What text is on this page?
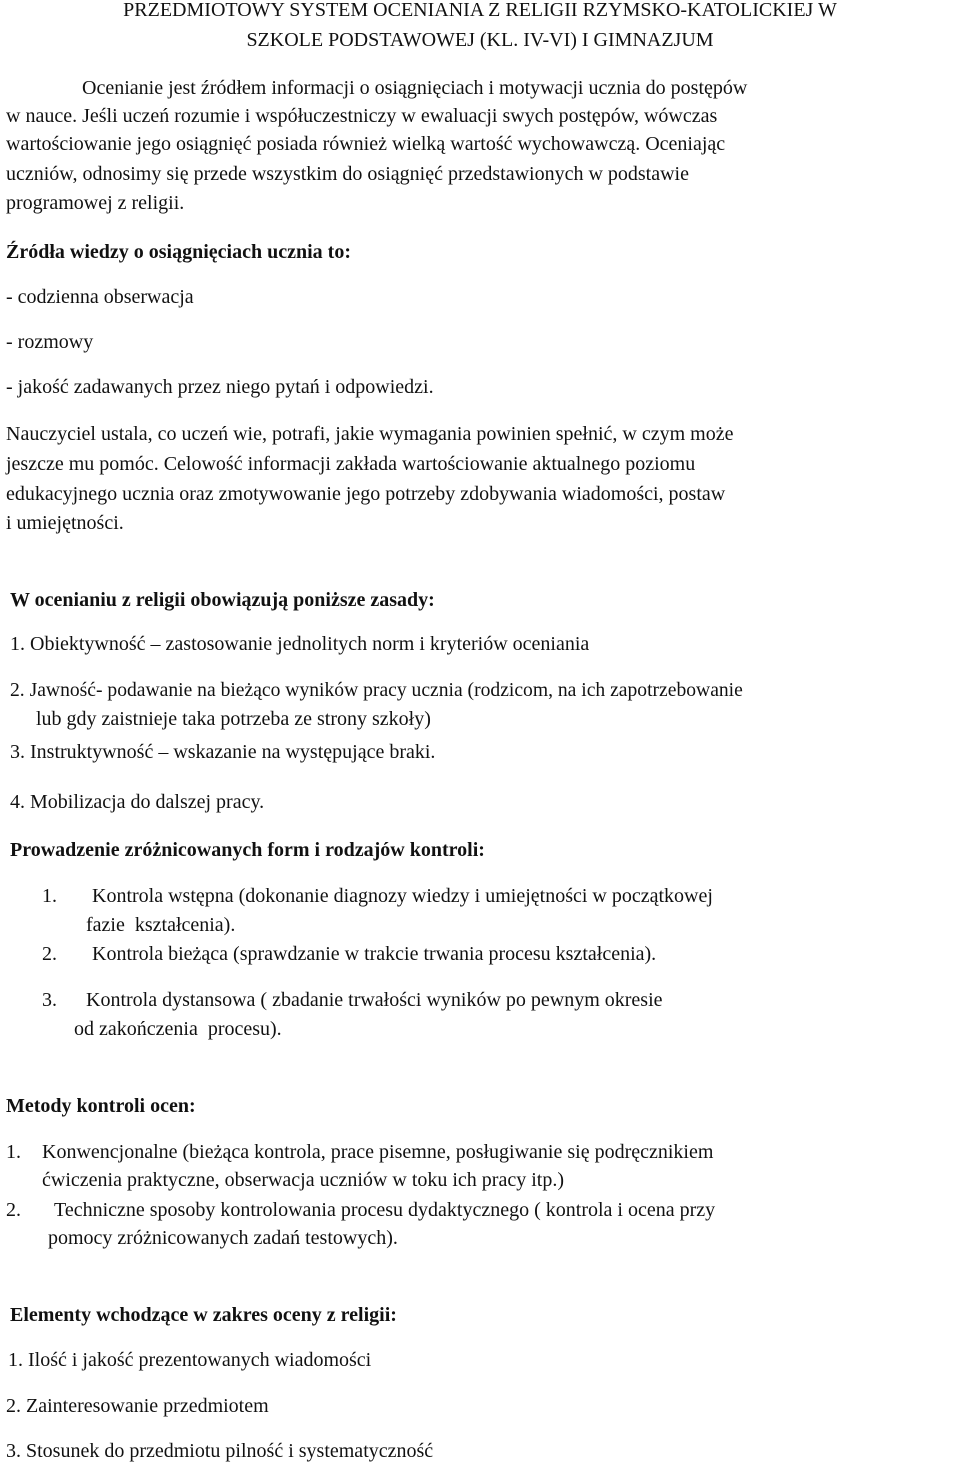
PRZEDMIOTOWY SYSTEM OCENIANIA Z RELIGII RZYMSKO-KATOLICKIEJ W
SZKOLE PODSTAWOWEJ (KL. IV-VI) I GIMNAZJUM
Ocenianie jest źródłem informacji o osiągnięciach i motywacji ucznia do postępów
w nauce. Jeśli uczeń rozumie i współuczestniczy w ewaluacji swych postępów, wówczas
wartościowanie jego osiągnięć posiada również wielką wartość wychowawczą. Oceniając
uczniów, odnosimy się przede wszystkim do osiągnięć przedstawionych w podstawie
programowej z religii.
Źródła wiedzy o osiągnięciach ucznia to:
- codzienna obserwacja
- rozmowy
- jakość zadawanych przez niego pytań i odpowiedzi.
Nauczyciel ustala, co uczeń wie, potrafi, jakie wymagania powinien spełnić, w czym może
jeszcze mu pomóc. Celowość informacji zakłada wartościowanie aktualnego poziomu
edukacyjnego ucznia oraz zmotywowanie jego potrzeby zdobywania wiadomości, postaw
i umiejętności.
W ocenianiu z religii obowiązują poniższe zasady:
1. Obiektywność – zastosowanie jednolitych norm i kryteriów oceniania
2. Jawność- podawanie na bieżąco wyników pracy ucznia (rodzicom, na ich zapotrzebowanie
lub gdy zaistnieje taka potrzeba ze strony szkoły)
3. Instruktywność – wskazanie na występujące braki.
4. Mobilizacja do dalszej pracy.
Prowadzenie zróżnicowanych form i rodzajów kontroli:
1. Kontrola wstępna (dokonanie diagnozy wiedzy i umiejętności w początkowej
fazie  kształcenia).
2. Kontrola bieżąca (sprawdzanie w trakcie trwania procesu kształcenia).
3. Kontrola dystansowa ( zbadanie trwałości wyników po pewnym okresie
od zakończenia  procesu).
Metody kontroli ocen:
1. Konwencjonalne (bieżąca kontrola, prace pisemne, posługiwanie się podręcznikiem
ćwiczenia praktyczne, obserwacja uczniów w toku ich pracy itp.)
2. Techniczne sposoby kontrolowania procesu dydaktycznego ( kontrola i ocena przy
pomocy zróżnicowanych zadań testowych).
Elementy wchodzące w zakres oceny z religii:
1. Ilość i jakość prezentowanych wiadomości
2. Zainteresowanie przedmiotem
3. Stosunek do przedmiotu pilność i systematyczność
